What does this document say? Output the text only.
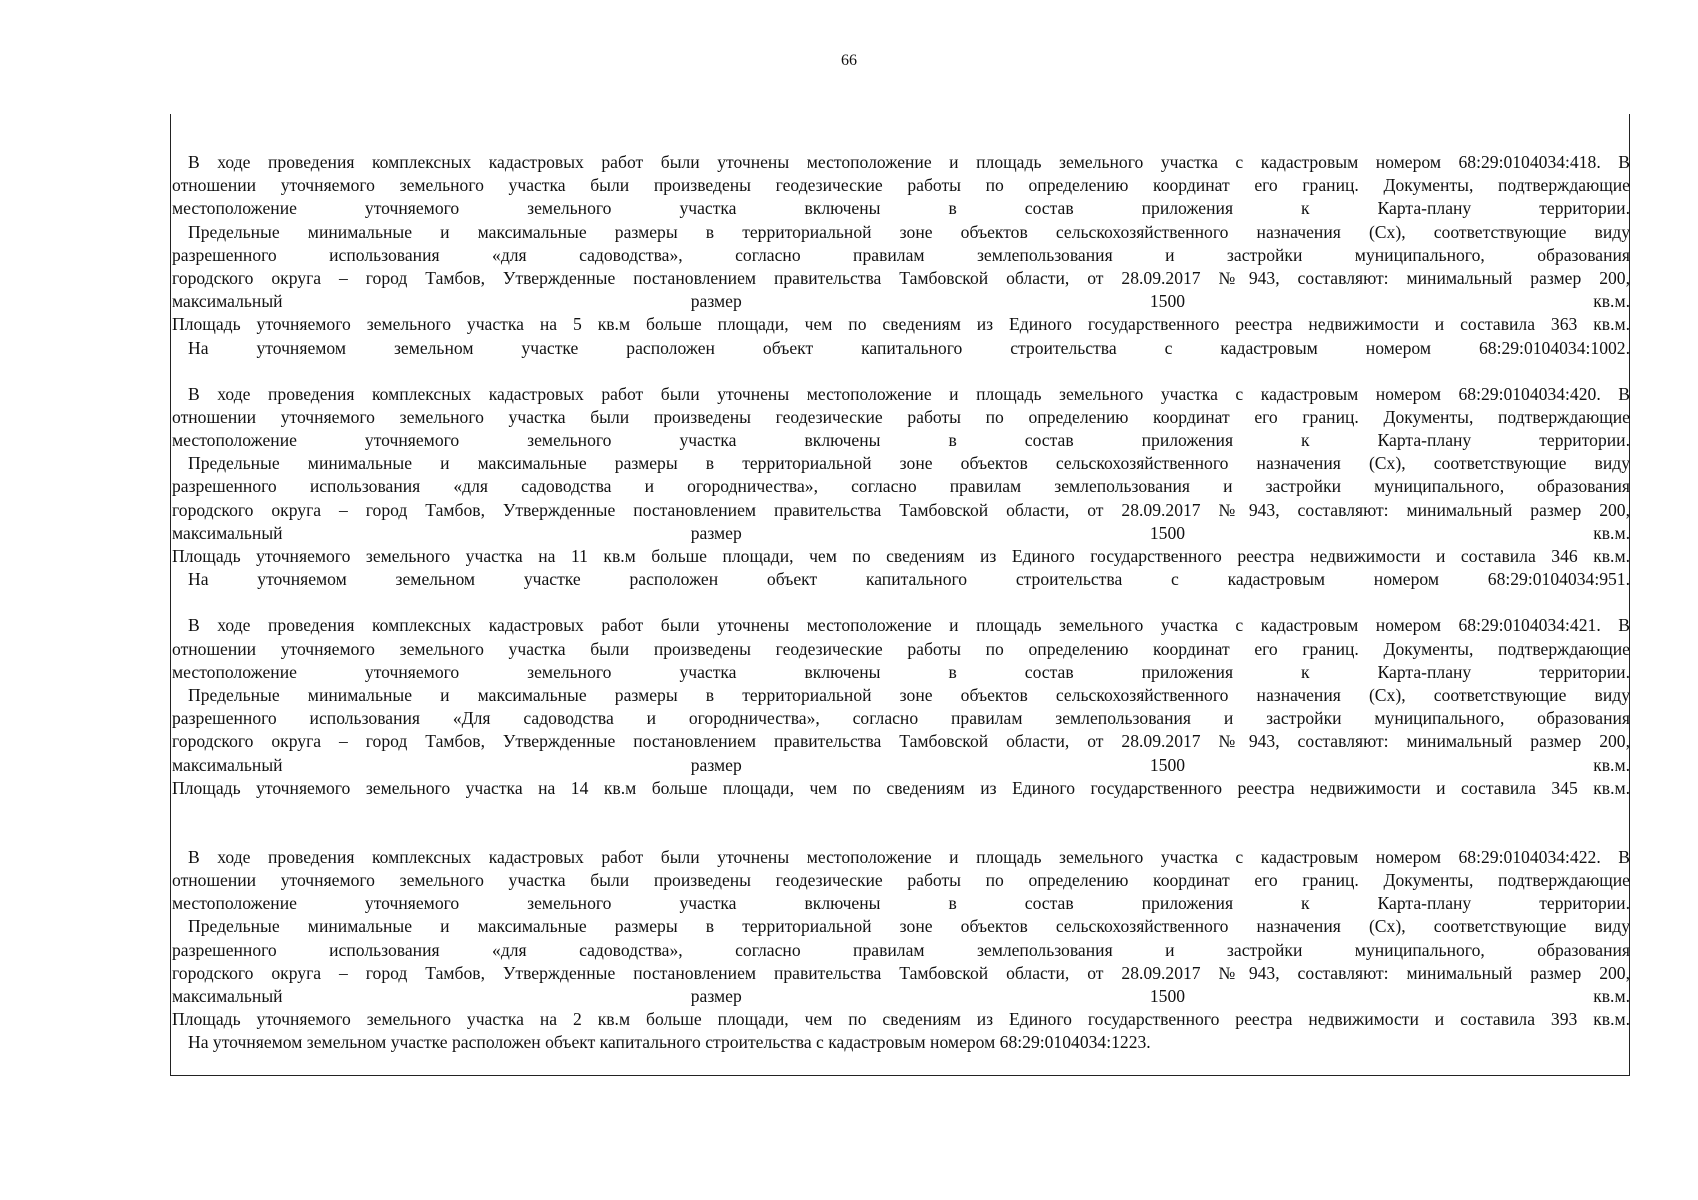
66
В ходе проведения комплексных кадастровых работ были уточнены местоположение и площадь земельного участка с кадастровым номером 68:29:0104034:418. В
отношении уточняемого земельного участка были произведены геодезические работы по определению координат его границ. Документы, подтверждающие
местоположение уточняемого земельного участка включены в состав приложения к Карта-плану территории.
Предельные минимальные и максимальные размеры в территориальной зоне объектов сельскохозяйственного назначения (Сх), соответствующие виду
разрешенного использования «для садоводства», согласно правилам землепользования и застройки муниципального, образования
городского округа – город Тамбов, Утвержденные постановлением правительства Тамбовской области, от 28.09.2017 №943, составляют: минимальный размер 200,
максимальный размер 1500 кв.м.
Площадь уточняемого земельного участка на 5 кв.м больше площади, чем по сведениям из Единого государственного реестра недвижимости и составила 363 кв.м.
На уточняемом земельном участке расположен объект капитального строительства с кадастровым номером 68:29:0104034:1002.
В ходе проведения комплексных кадастровых работ были уточнены местоположение и площадь земельного участка с кадастровым номером 68:29:0104034:420. В
отношении уточняемого земельного участка были произведены геодезические работы по определению координат его границ. Документы, подтверждающие
местоположение уточняемого земельного участка включены в состав приложения к Карта-плану территории.
Предельные минимальные и максимальные размеры в территориальной зоне объектов сельскохозяйственного назначения (Сх), соответствующие виду
разрешенного использования «для садоводства и огородничества», согласно правилам землепользования и застройки муниципального, образования
городского округа – город Тамбов, Утвержденные постановлением правительства Тамбовской области, от 28.09.2017 №943, составляют: минимальный размер 200,
максимальный размер 1500 кв.м.
Площадь уточняемого земельного участка на 11 кв.м больше площади, чем по сведениям из Единого государственного реестра недвижимости и составила 346 кв.м.
На уточняемом земельном участке расположен объект капитального строительства с кадастровым номером 68:29:0104034:951.
В ходе проведения комплексных кадастровых работ были уточнены местоположение и площадь земельного участка с кадастровым номером 68:29:0104034:421. В
отношении уточняемого земельного участка были произведены геодезические работы по определению координат его границ. Документы, подтверждающие
местоположение уточняемого земельного участка включены в состав приложения к Карта-плану территории.
Предельные минимальные и максимальные размеры в территориальной зоне объектов сельскохозяйственного назначения (Сх), соответствующие виду
разрешенного использования «Для садоводства и огородничества», согласно правилам землепользования и застройки муниципального, образования
городского округа – город Тамбов, Утвержденные постановлением правительства Тамбовской области, от 28.09.2017 №943, составляют: минимальный размер 200,
максимальный размер 1500 кв.м.
Площадь уточняемого земельного участка на 14 кв.м больше площади, чем по сведениям из Единого государственного реестра недвижимости и составила 345 кв.м.
В ходе проведения комплексных кадастровых работ были уточнены местоположение и площадь земельного участка с кадастровым номером 68:29:0104034:422. В
отношении уточняемого земельного участка были произведены геодезические работы по определению координат его границ. Документы, подтверждающие
местоположение уточняемого земельного участка включены в состав приложения к Карта-плану территории.
Предельные минимальные и максимальные размеры в территориальной зоне объектов сельскохозяйственного назначения (Сх), соответствующие виду
разрешенного использования «для садоводства», согласно правилам землепользования и застройки муниципального, образования
городского округа – город Тамбов, Утвержденные постановлением правительства Тамбовской области, от 28.09.2017 №943, составляют: минимальный размер 200,
максимальный размер 1500 кв.м.
Площадь уточняемого земельного участка на 2 кв.м больше площади, чем по сведениям из Единого государственного реестра недвижимости и составила 393 кв.м.
На уточняемом земельном участке расположен объект капитального строительства с кадастровым номером 68:29:0104034:1223.
